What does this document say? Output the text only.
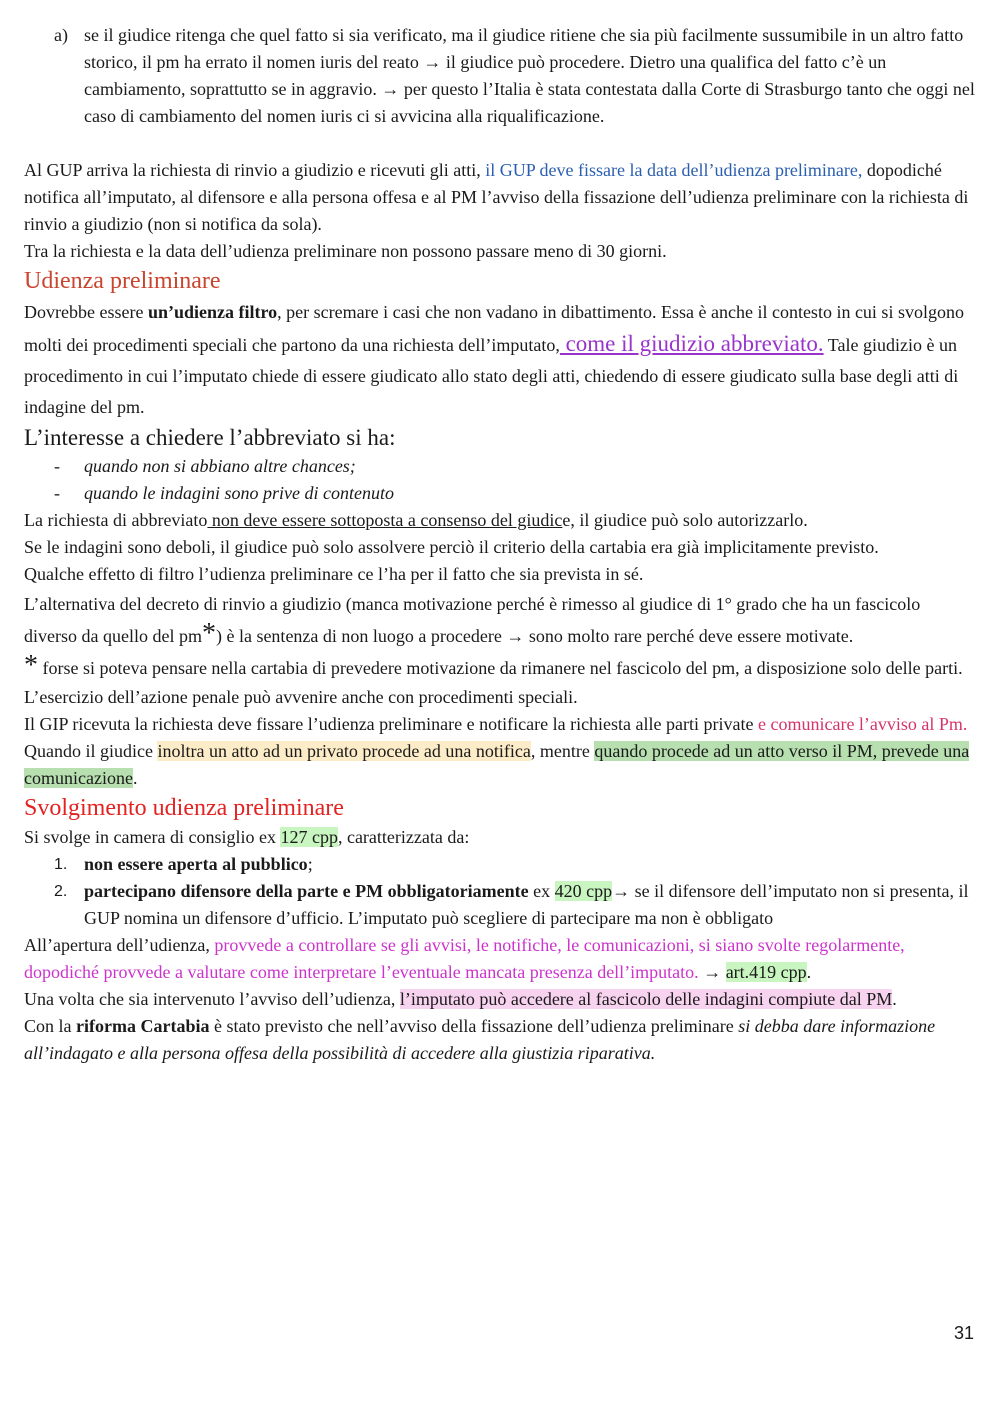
a) se il giudice ritenga che quel fatto si sia verificato, ma il giudice ritiene che sia più facilmente sussumibile in un altro fatto storico, il pm ha errato il nomen iuris del reato → il giudice può procedere. Dietro una qualifica del fatto c’è un cambiamento, soprattutto se in aggravio. → per questo l’Italia è stata contestata dalla Corte di Strasburgo tanto che oggi nel caso di cambiamento del nomen iuris ci si avvicina alla riqualificazione.

Al GUP arriva la richiesta di rinvio a giudizio e ricevuti gli atti, il GUP deve fissare la data dell’udienza preliminare, dopodiché notifica all’imputato, al difensore e alla persona offesa e al PM l’avviso della fissazione dell’udienza preliminare con la richiesta di rinvio a giudizio (non si notifica da sola).

Tra la richiesta e la data dell’udienza preliminare non possono passare meno di 30 giorni.

Udienza preliminare

Dovrebbe essere un’udienza filtro, per scremare i casi che non vadano in dibattimento. Essa è anche il contesto in cui si svolgono molti dei procedimenti speciali che partono da una richiesta dell’imputato, come il giudizio abbreviato. Tale giudizio è un procedimento in cui l’imputato chiede di essere giudicato allo stato degli atti, chiedendo di essere giudicato sulla base degli atti di indagine del pm.

L’interesse a chiedere l’abbreviato si ha:

- quando non si abbiano altre chances;
- quando le indagini sono prive di contenuto

La richiesta di abbreviato non deve essere sottoposta a consenso del giudice, il giudice può solo autorizzarlo.

Se le indagini sono deboli, il giudice può solo assolvere perciò il criterio della cartabia era già implicitamente previsto.

Qualche effetto di filtro l’udienza preliminare ce l’ha per il fatto che sia prevista in sé.

L’alternativa del decreto di rinvio a giudizio (manca motivazione perché è rimesso al giudice di 1° grado che ha un fascicolo diverso da quello del pm*) è la sentenza di non luogo a procedere → sono molto rare perché deve essere motivate.

* forse si poteva pensare nella cartabia di prevedere motivazione da rimanere nel fascicolo del pm, a disposizione solo delle parti.

L’esercizio dell’azione penale può avvenire anche con procedimenti speciali.

Il GIP ricevuta la richiesta deve fissare l’udienza preliminare e notificare la richiesta alle parti private e comunicare l’avviso al Pm. Quando il giudice inoltra un atto ad un privato procede ad una notifica, mentre quando procede ad un atto verso il PM, prevede una comunicazione.

Svolgimento udienza preliminare

Si svolge in camera di consiglio ex 127 cpp, caratterizzata da:

1. non essere aperta al pubblico;
2. partecipano difensore della parte e PM obbligatoriamente ex 420 cpp→ se il difensore dell’imputato non si presenta, il GUP nomina un difensore d’ufficio. L’imputato può scegliere di partecipare ma non è obbligato

All’apertura dell’udienza, provvede a controllare se gli avvisi, le notifiche, le comunicazioni, si siano svolte regolarmente, dopodiché provvede a valutare come interpretare l’eventuale mancata presenza dell’imputato. → art.419 cpp.

Una volta che sia intervenuto l’avviso dell’udienza, l’imputato può accedere al fascicolo delle indagini compiute dal PM.

Con la riforma Cartabia è stato previsto che nell’avviso della fissazione dell’udienza preliminare si debba dare informazione all’indagato e alla persona offesa della possibilità di accedere alla giustizia riparativa.

31
